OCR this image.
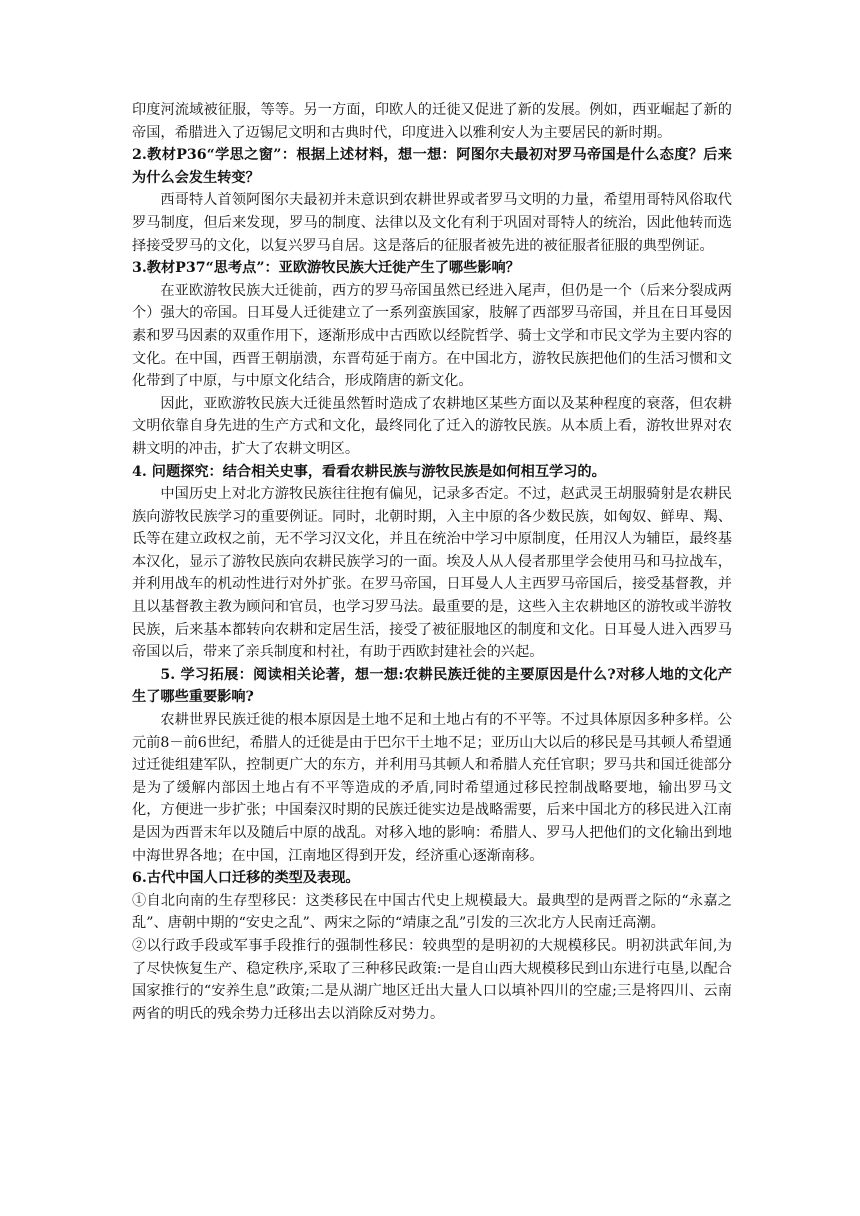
印度河流域被征服，等等。另一方面，印欧人的迁徙又促进了新的发展。例如，西亚崛起了新的帝国，希腊进入了迈锡尼文明和古典时代，印度进入以雅利安人为主要居民的新时期。

2.教材P36“学思之窗”：根据上述材料，想一想：阿图尔夫最初对罗马帝国是什么态度？后来为什么会发生转变？

西哥特人首领阿图尔夫最初并未意识到农耕世界或者罗马文明的力量，希望用哥特风俗取代罗马制度，但后来发现，罗马的制度、法律以及文化有利于巩固对哥特人的统治，因此他转而选择接受罗马的文化，以复兴罗马自居。这是落后的征服者被先进的被征服者征服的典型例证。

3.教材P37“思考点”：亚欧游牧民族大迁徙产生了哪些影响？

在亚欧游牧民族大迁徙前，西方的罗马帝国虽然已经进入尾声，但仍是一个（后来分裂成两个）强大的帝国。日耳曼人迁徙建立了一系列蛮族国家，肢解了西部罗马帝国，并且在日耳曼因素和罗马因素的双重作用下，逐渐形成中古西欧以经院哲学、骑士文学和市民文学为主要内容的文化。在中国，西晋王朝崩溃，东晋苟延于南方。在中国北方，游牧民族把他们的生活习惯和文化带到了中原，与中原文化结合，形成隋唐的新文化。

因此，亚欧游牧民族大迁徙虽然暂时造成了农耕地区某些方面以及某种程度的衰落，但农耕文明依靠自身先进的生产方式和文化，最终同化了迁入的游牧民族。从本质上看，游牧世界对农耕文明的冲击，扩大了农耕文明区。

4. 问题探究：结合相关史事，看看农耕民族与游牧民族是如何相互学习的。

中国历史上对北方游牧民族往往抱有偏见，记录多否定。不过，赵武灵王胡服骑射是农耕民族向游牧民族学习的重要例证。同时，北朝时期，入主中原的各少数民族，如匈奴、鲜卑、羯、氐等在建立政权之前，无不学习汉文化，并且在统治中学习中原制度，任用汉人为辅臣，最终基本汉化，显示了游牧民族向农耕民族学习的一面。埃及人从人侵者那里学会使用马和马拉战车，并利用战车的机动性进行对外扩张。在罗马帝国，日耳曼人人主西罗马帝国后，接受基督教，并且以基督教主教为顾问和官员，也学习罗马法。最重要的是，这些入主农耕地区的游牧或半游牧民族，后来基本都转向农耕和定居生活，接受了被征服地区的制度和文化。日耳曼人进入西罗马帝国以后，带来了亲兵制度和村社，有助于西欧封建社会的兴起。

5. 学习拓展：阅读相关论著，想一想:农耕民族迁徙的主要原因是什么?对移人地的文化产生了哪些重要影响?

农耕世界民族迁徙的根本原因是土地不足和土地占有的不平等。不过具体原因多种多样。公元前8－前6世纪，希腊人的迁徙是由于巴尔干土地不足；亚历山大以后的移民是马其顿人希望通过迁徙组建军队，控制更广大的东方，并利用马其顿人和希腊人充任官职；罗马共和国迁徙部分是为了缓解内部因土地占有不平等造成的矛盾,同时希望通过移民控制战略要地，输出罗马文化，方便进一步扩张；中国秦汉时期的民族迁徙实边是战略需要，后来中国北方的移民进入江南是因为西晋末年以及随后中原的战乱。对移入地的影响：希腊人、罗马人把他们的文化输出到地中海世界各地；在中国，江南地区得到开发，经济重心逐渐南移。

6.古代中国人口迁移的类型及表现。

①自北向南的生存型移民：这类移民在中国古代史上规模最大。最典型的是两晋之际的“永嘉之乱”、唐朝中期的“安史之乱”、两宋之际的“靖康之乱”引发的三次北方人民南迁高潮。

②以行政手段或军事手段推行的强制性移民：较典型的是明初的大规模移民。明初洪武年间,为了尽快恢复生产、稳定秩序,采取了三种移民政策:一是自山西大规模移民到山东进行屯垦,以配合国家推行的“安养生息”政策;二是从湖广地区迁出大量人口以填补四川的空虚;三是将四川、云南两省的明氏的残余势力迁移出去以消除反对势力。
